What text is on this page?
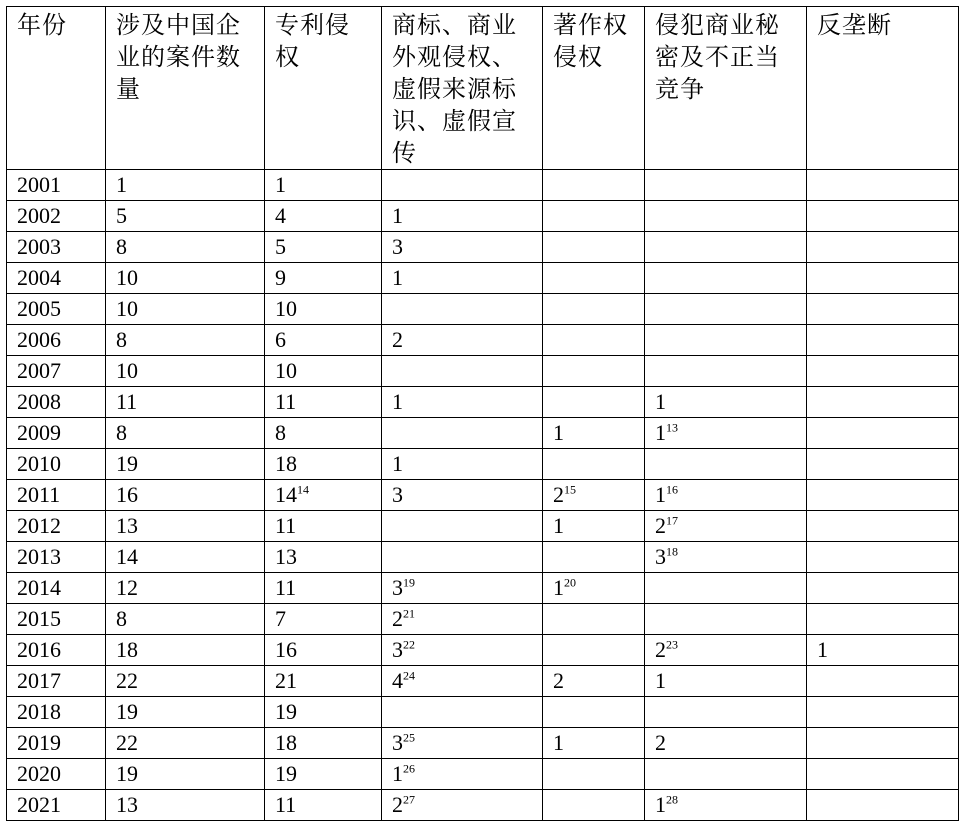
年份	涉及中国企业的案件数量	专利侵权	商标、商业外观侵权、虚假来源标识、虚假宣传	著作权侵权	侵犯商业秘密及不正当竞争	反垄断
2001	1	1				
2002	5	4	1			
2003	8	5	3			
2004	10	9	1			
2005	10	10				
2006	8	6	2			
2007	10	10				
2008	11	11	1		1	
2009	8	8		1	$1^{13}$	
2010	19	18	1			
2011	16	$14^{14}$	3	$2^{15}$	$1^{16}$	
2012	13	11		1	$2^{17}$	
2013	14	13			$3^{18}$	
2014	12	11	$3^{19}$	$1^{20}$		
2015	8	7	$2^{21}$			
2016	18	16	$3^{22}$		$2^{23}$	1
2017	22	21	$4^{24}$	2	1	
2018	19	19				
2019	22	18	$3^{25}$	1	2	
2020	19	19	$1^{26}$			
2021	13	11	$2^{27}$		$1^{28}$	
